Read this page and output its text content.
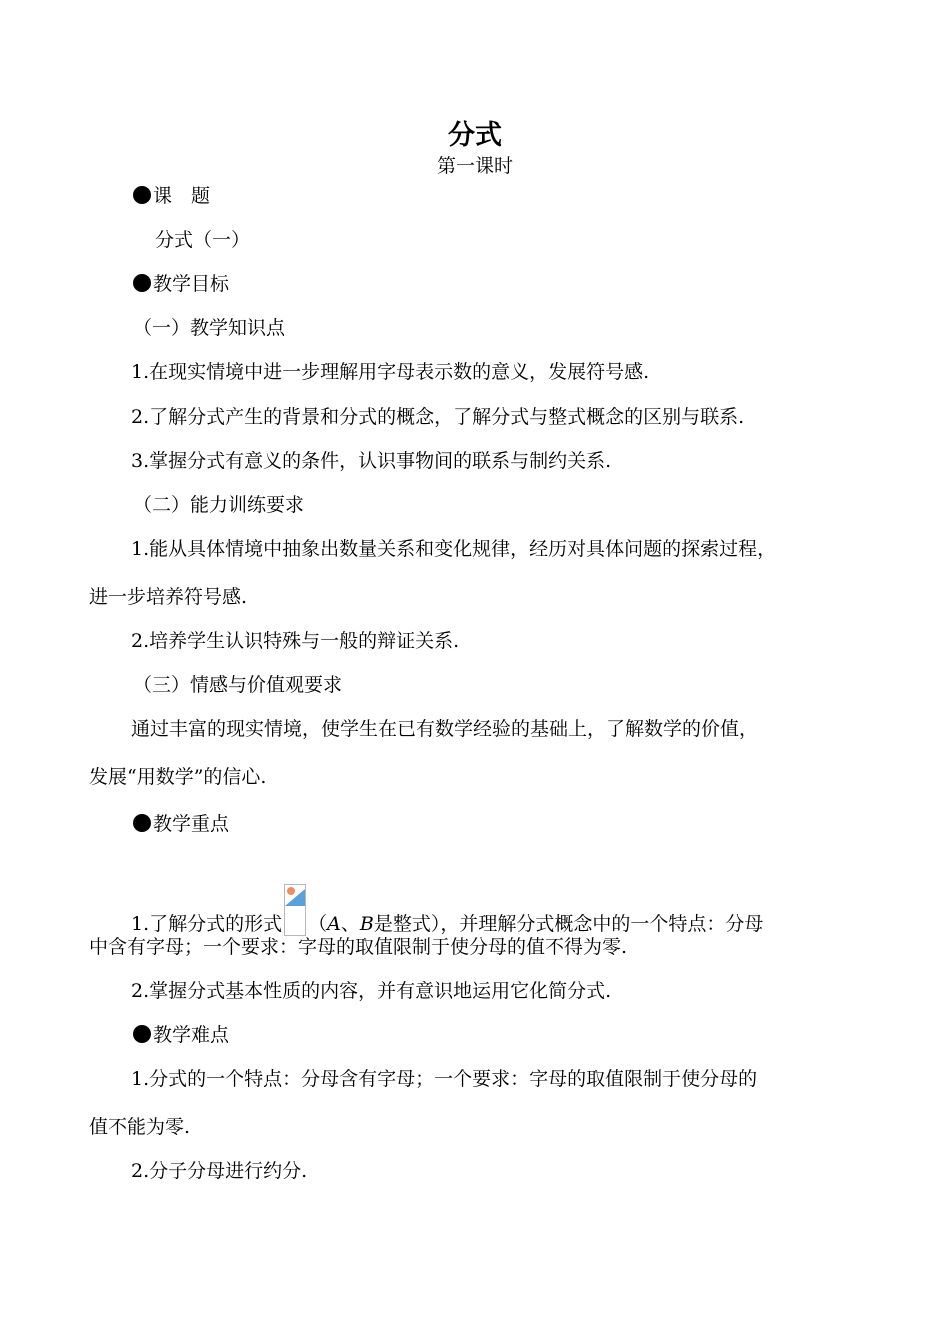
分式
第一课时
课　题
分式（一）
教学目标
（一）教学知识点
1.在现实情境中进一步理解用字母表示数的意义，发展符号感.
2.了解分式产生的背景和分式的概念，了解分式与整式概念的区别与联系.
3.掌握分式有意义的条件，认识事物间的联系与制约关系.
（二）能力训练要求
1.能从具体情境中抽象出数量关系和变化规律，经历对具体问题的探索过程，
进一步培养符号感.
2.培养学生认识特殊与一般的辩证关系.
（三）情感与价值观要求
通过丰富的现实情境，使学生在已有数学经验的基础上，了解数学的价值，
发展“用数学”的信心.
教学重点
1.了解分式的形式 （A、B是整式），并理解分式概念中的一个特点：分母
中含有字母；一个要求：字母的取值限制于使分母的值不得为零.
2.掌握分式基本性质的内容，并有意识地运用它化简分式.
教学难点
1.分式的一个特点：分母含有字母；一个要求：字母的取值限制于使分母的
值不能为零.
2.分子分母进行约分.
